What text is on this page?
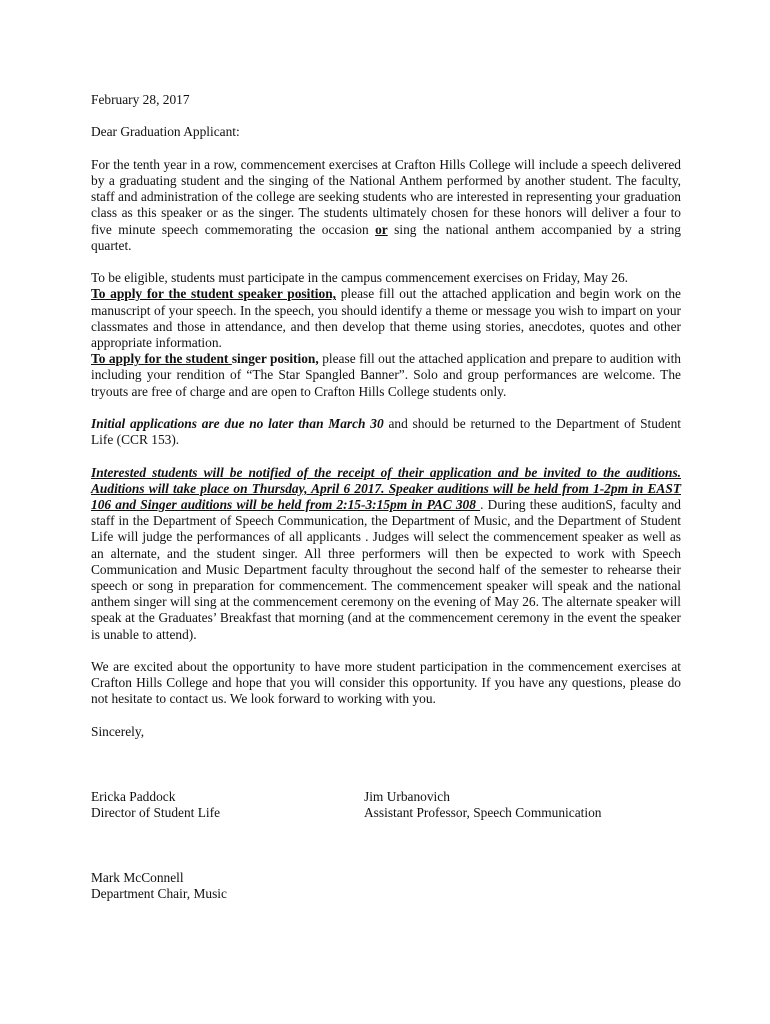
February 28, 2017

Dear Graduation Applicant:

For the tenth year in a row, commencement exercises at Crafton Hills College will include a speech delivered by a graduating student and the singing of the National Anthem performed by another student. The faculty, staff and administration of the college are seeking students who are interested in representing your graduation class as this speaker or as the singer. The students ultimately chosen for these honors will deliver a four to five minute speech commemorating the occasion or sing the national anthem accompanied by a string quartet.

To be eligible, students must participate in the campus commencement exercises on Friday, May 26.
To apply for the student speaker position, please fill out the attached application and begin work on the manuscript of your speech. In the speech, you should identify a theme or message you wish to impart on your classmates and those in attendance, and then develop that theme using stories, anecdotes, quotes and other appropriate information.
To apply for the student singer position, please fill out the attached application and prepare to audition with including your rendition of “The Star Spangled Banner”. Solo and group performances are welcome. The tryouts are free of charge and are open to Crafton Hills College students only.

Initial applications are due no later than March 30 and should be returned to the Department of Student Life (CCR 153).

Interested students will be notified of the receipt of their application and be invited to the auditions. Auditions will take place on Thursday, April 6 2017. Speaker auditions will be held from 1-2pm in EAST 106 and Singer auditions will be held from 2:15-3:15pm in PAC 308 . During these auditionS, faculty and staff in the Department of Speech Communication, the Department of Music, and the Department of Student Life will judge the performances of all applicants . Judges will select the commencement speaker as well as an alternate, and the student singer. All three performers will then be expected to work with Speech Communication and Music Department faculty throughout the second half of the semester to rehearse their speech or song in preparation for commencement. The commencement speaker will speak and the national anthem singer will sing at the commencement ceremony on the evening of May 26. The alternate speaker will speak at the Graduates’ Breakfast that morning (and at the commencement ceremony in the event the speaker is unable to attend).

We are excited about the opportunity to have more student participation in the commencement exercises at Crafton Hills College and hope that you will consider this opportunity. If you have any questions, please do not hesitate to contact us. We look forward to working with you.

Sincerely,

Ericka Paddock
Director of Student Life
Jim Urbanovich
Assistant Professor, Speech Communication
Mark McConnell
Department Chair, Music
